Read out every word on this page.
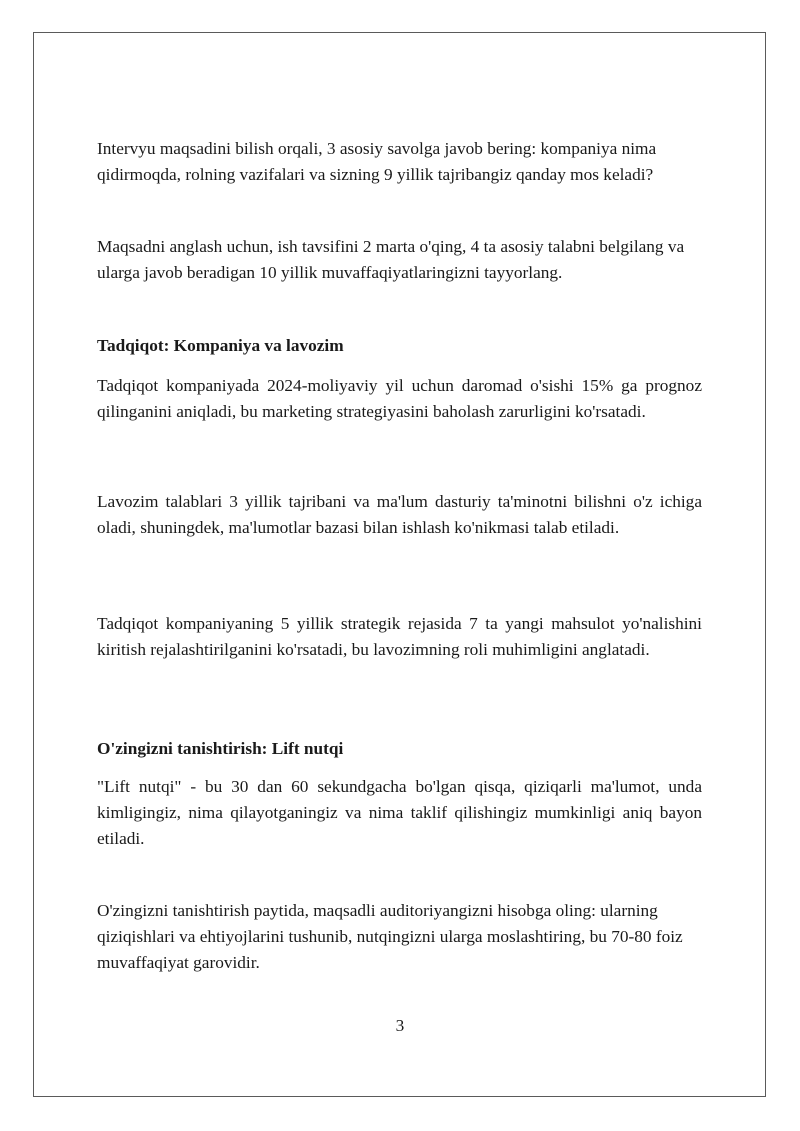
Intervyu maqsadini bilish orqali, 3 asosiy savolga javob bering: kompaniya nima qidirmoqda, rolning vazifalari va sizning 9 yillik tajribangiz qanday mos keladi?

Maqsadni anglash uchun, ish tavsifini 2 marta o'qing, 4 ta asosiy talabni belgilang va ularga javob beradigan 10 yillik muvaffaqiyatlaringizni tayyorlang.

Tadqiqot: Kompaniya va lavozim

Tadqiqot kompaniyada 2024-moliyaviy yil uchun daromad o'sishi 15% ga prognoz qilinganini aniqladi, bu marketing strategiyasini baholash zarurligini ko'rsatadi.

Lavozim talablari 3 yillik tajribani va ma'lum dasturiy ta'minotni bilishni o'z ichiga oladi, shuningdek, ma'lumotlar bazasi bilan ishlash ko'nikmasi talab etiladi.

Tadqiqot kompaniyaning 5 yillik strategik rejasida 7 ta yangi mahsulot yo'nalishini kiritish rejalashtirilganini ko'rsatadi, bu lavozimning roli muhimligini anglatadi.

O'zingizni tanishtirish: Lift nutqi

"Lift nutqi" - bu 30 dan 60 sekundgacha bo'lgan qisqa, qiziqarli ma'lumot, unda kimligingiz, nima qilayotganingiz va nima taklif qilishingiz mumkinligi aniq bayon etiladi.

O'zingizni tanishtirish paytida, maqsadli auditoriyangizni hisobga oling: ularning qiziqishlari va ehtiyojlarini tushunib, nutqingizni ularga moslashtiring, bu 70-80 foiz muvaffaqiyat garovidir.

3
